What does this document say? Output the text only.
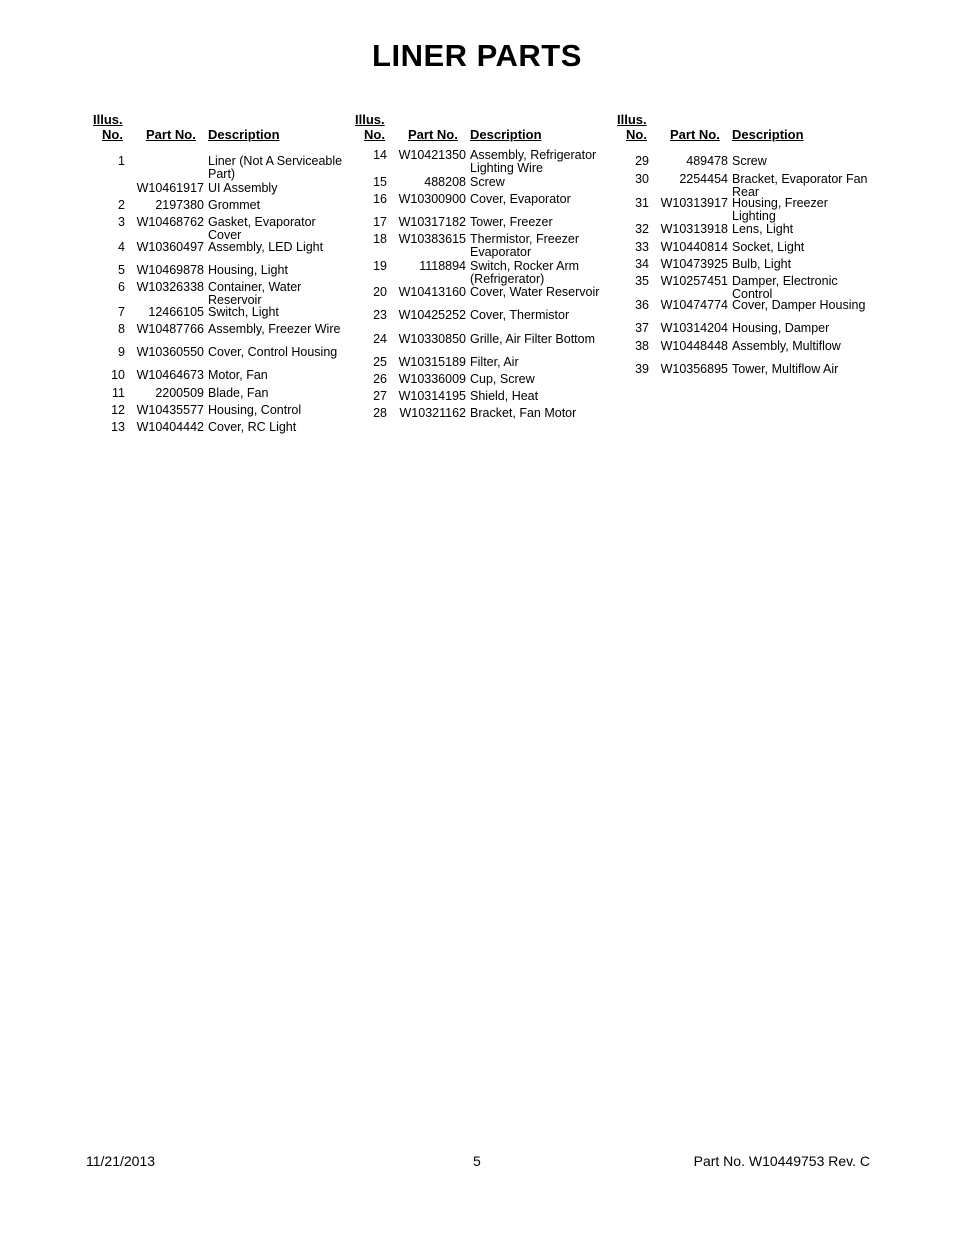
LINER PARTS
Illus.
No. Part No. Description
1	Liner (Not A Serviceable Part)
W10461917 UI Assembly
2	2197380 Grommet
3 W10468762 Gasket, Evaporator Cover
4 W10360497 Assembly, LED Light
5 W10469878 Housing, Light
6 W10326338 Container, Water Reservoir
7	12466105 Switch, Light
8 W10487766 Assembly, Freezer Wire
9 W10360550 Cover, Control Housing
10 W10464673 Motor, Fan
11	2200509 Blade, Fan
12 W10435577 Housing, Control
13 W10404442 Cover, RC Light
Illus.
No. Part No. Description
14 W10421350 Assembly, Refrigerator Lighting Wire
15	488208 Screw
16 W10300900 Cover, Evaporator
17 W10317182 Tower, Freezer
18 W10383615 Thermistor, Freezer Evaporator
19	1118894 Switch, Rocker Arm (Refrigerator)
20 W10413160 Cover, Water Reservoir
23 W10425252 Cover, Thermistor
24 W10330850 Grille, Air Filter Bottom
25 W10315189 Filter, Air
26 W10336009 Cup, Screw
27 W10314195 Shield, Heat
28	W10321162 Bracket, Fan Motor
Illus.
No. Part No. Description
29	489478 Screw
30	2254454 Bracket, Evaporator Fan Rear
31 W10313917 Housing, Freezer Lighting
32 W10313918 Lens, Light
33 W10440814 Socket, Light
34 W10473925 Bulb, Light
35 W10257451 Damper, Electronic Control
36 W10474774 Cover, Damper Housing
37 W10314204 Housing, Damper
38 W10448448 Assembly, Multiflow
39 W10356895 Tower, Multiflow Air
11/21/2013	5	Part No. W10449753 Rev. C
